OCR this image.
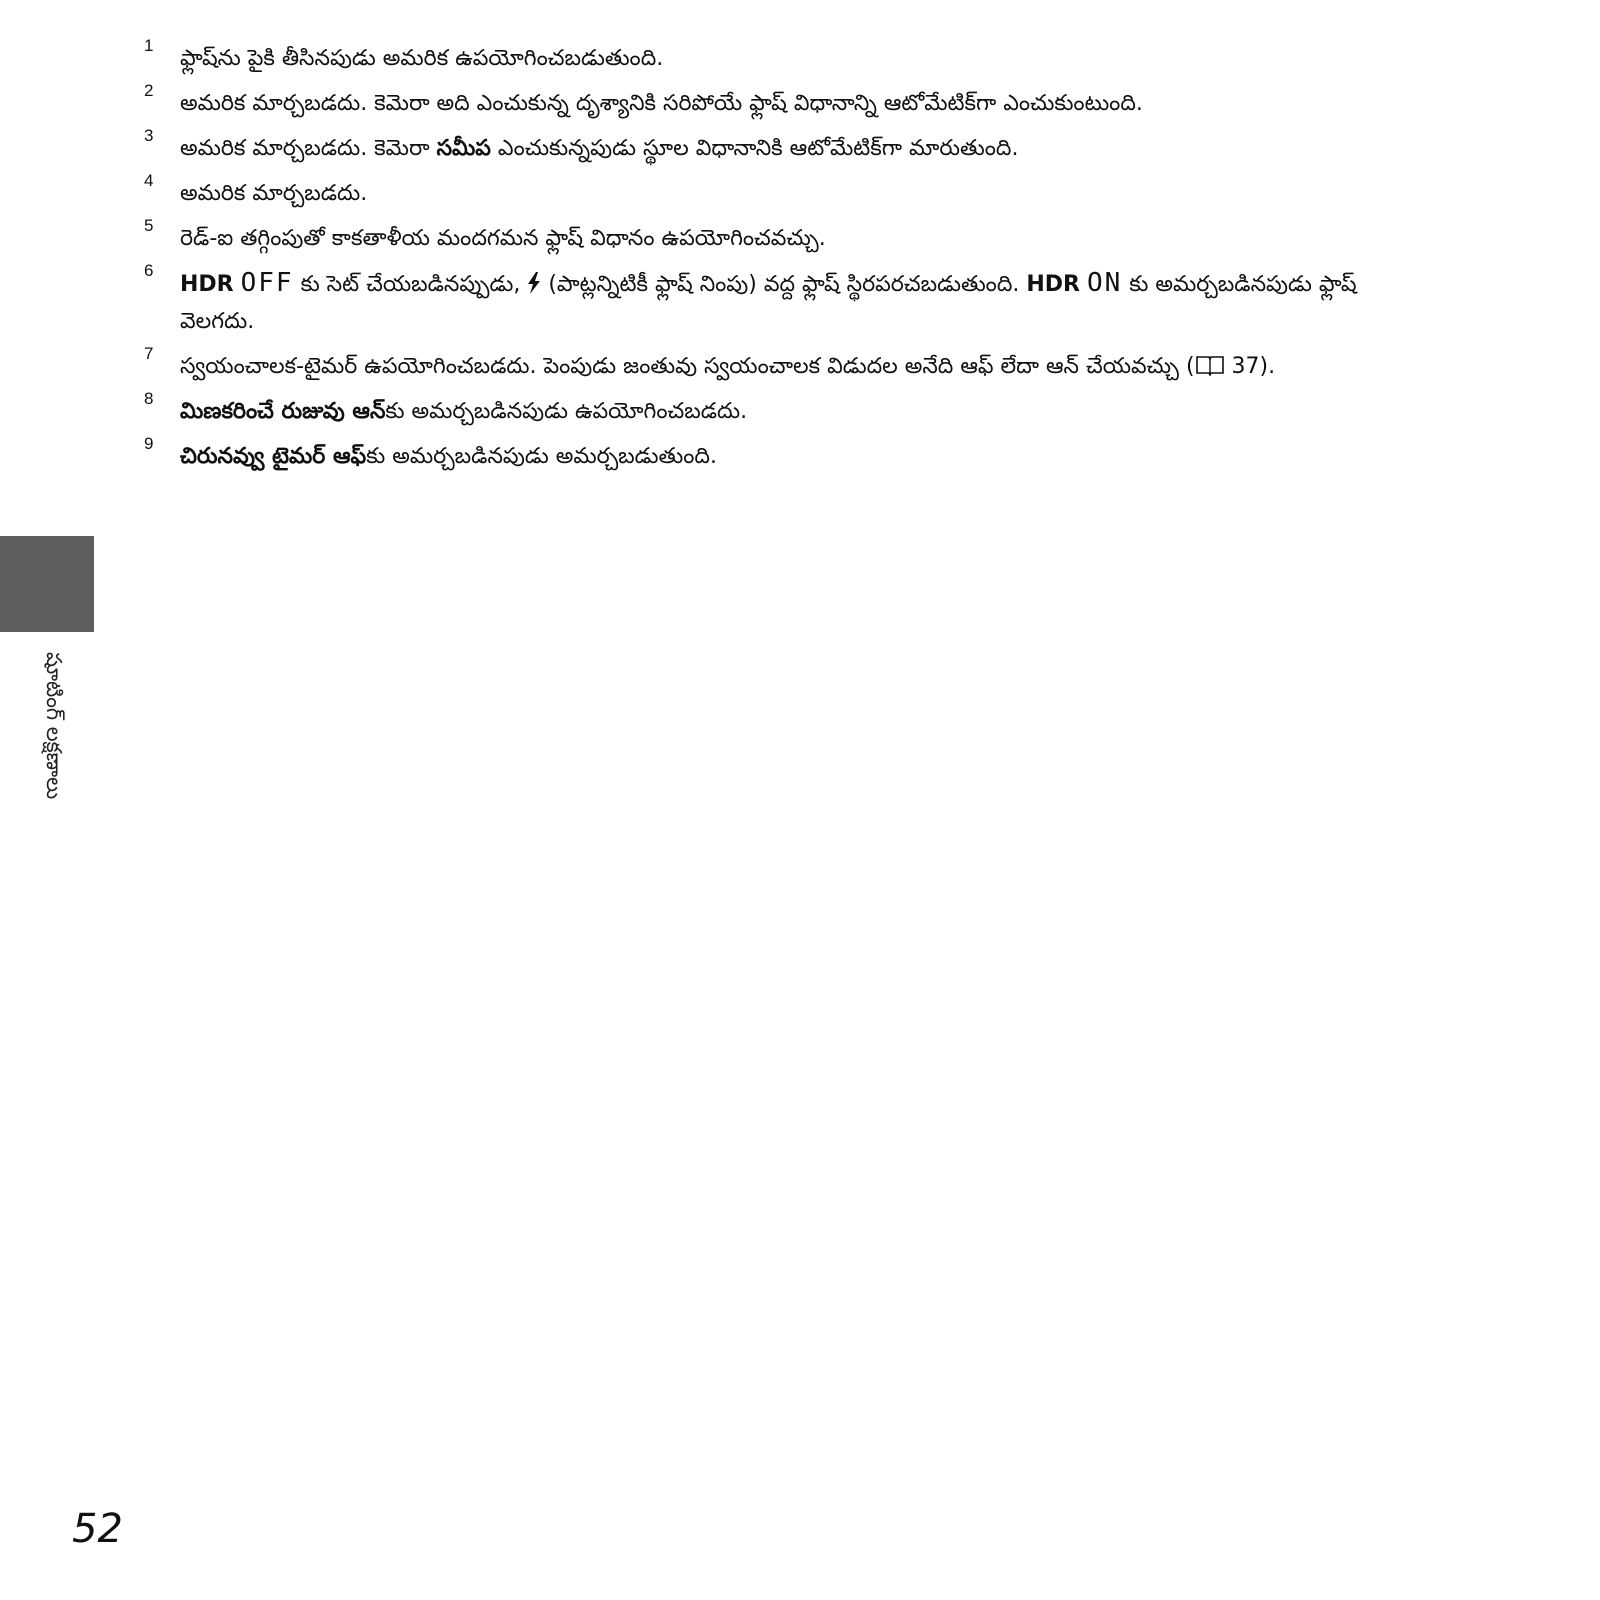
1
ఫ్లాష్‌ను పైకి తీసినపుడు అమరిక ఉపయోగించబడుతుంది.
2
అమరిక మార్చబడదు. కెమెరా అది ఎంచుకున్న దృశ్యానికి సరిపోయే ఫ్లాష్ విధానాన్ని ఆటోమేటిక్‌గా ఎంచుకుంటుంది.
3
అమరిక మార్చబడదు. కెమెరా సమీప ఎంచుకున్నపుడు స్థూల విధానానికి ఆటోమేటిక్‌గా మారుతుంది.
4
అమరిక మార్చబడదు.
5
రెడ్-ఐ తగ్గింపుతో కాకతాళీయ మందగమన ఫ్లాష్ విధానం ఉపయోగించవచ్చు.
6
HDR OFF కు సెట్ చేయబడినప్పుడు,  (పాట్లన్నిటికీ ఫ్లాష్ నింపు) వద్ద ఫ్లాష్ స్థిరపరచబడుతుంది. HDR ON కు అమర్చబడినపుడు ఫ్లాష్ వెలగదు.
7
స్వయంచాలక-టైమర్ ఉపయోగించబడదు. పెంపుడు జంతువు స్వయంచాలక విడుదల అనేది ఆఫ్ లేదా ఆన్ చేయవచ్చు ( 37).
8
మిణకరించే రుజువు ఆన్కు అమర్చబడినపుడు ఉపయోగించబడదు.
9
చిరునవ్వు టైమర్ ఆఫ్కు అమర్చబడినపుడు అమర్చబడుతుంది.
షూటింగ్ లక్షణాలు
52
